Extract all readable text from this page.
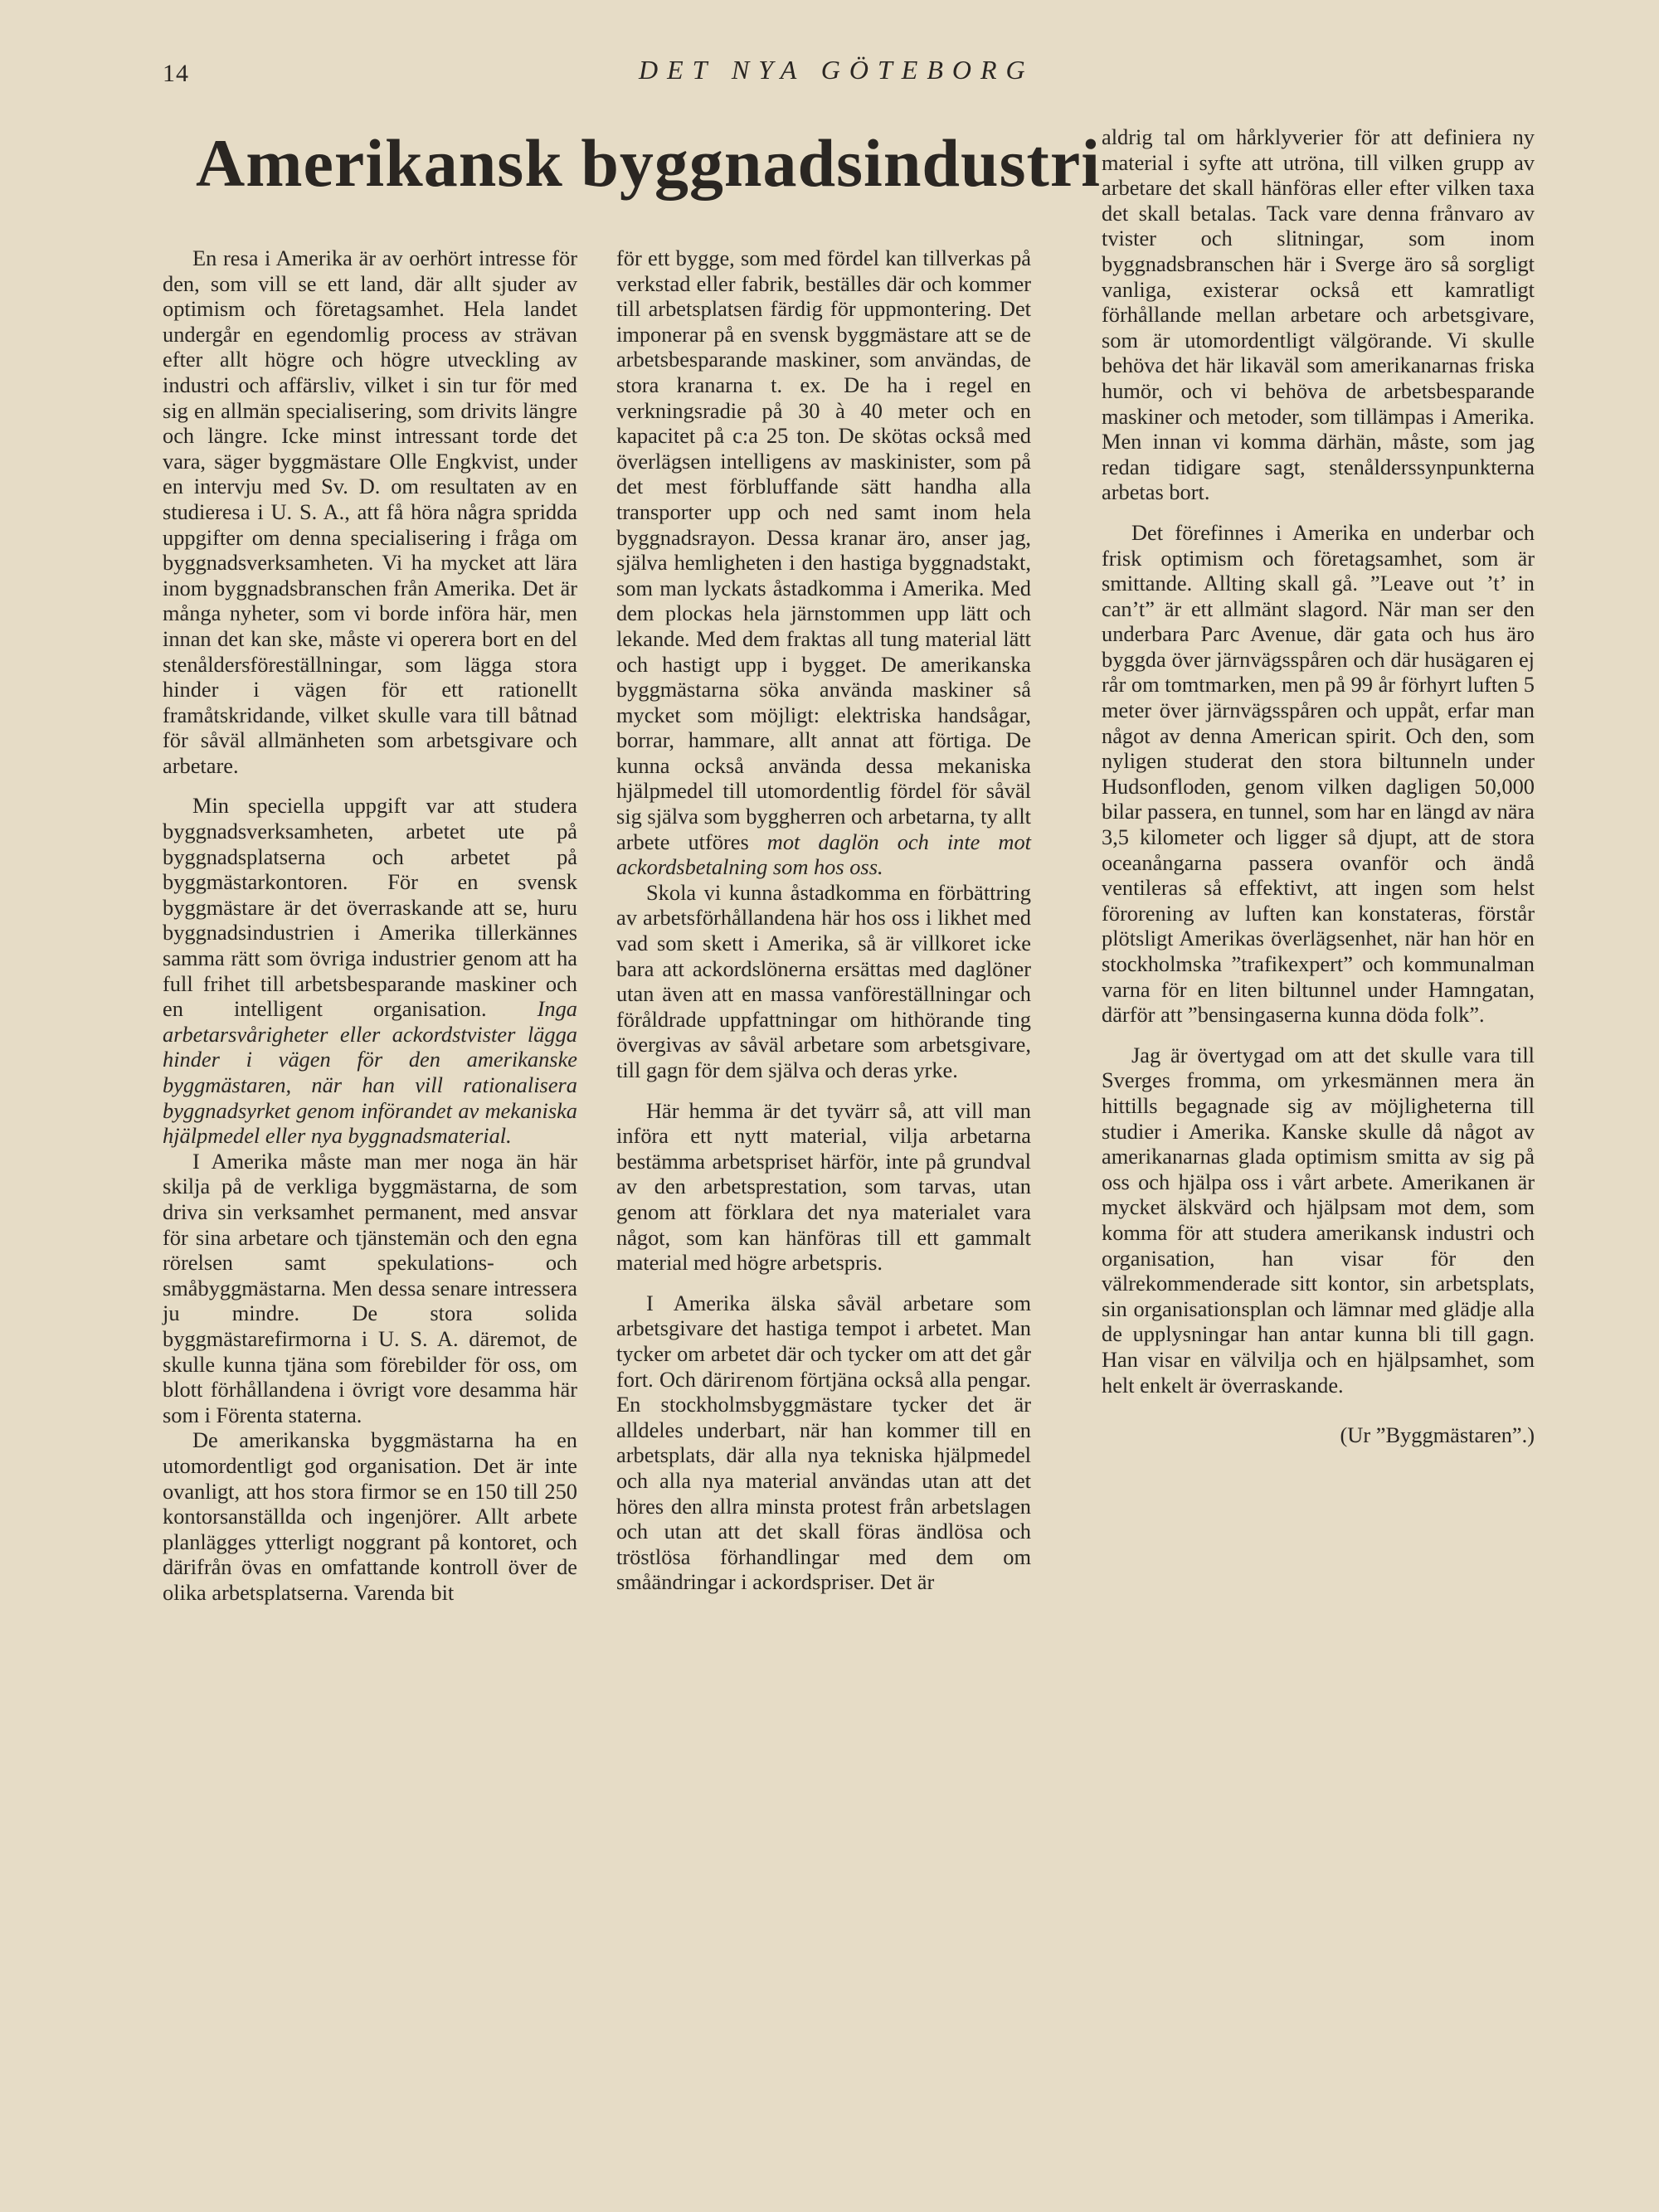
14	DET NYA GÖTEBORG
Amerikansk byggnadsindustri

En resa i Amerika är av oerhört intresse för den, som vill se ett land, där allt sjuder av optimism och företagsamhet. Hela landet undergår en egendomlig process av strävan efter allt högre och högre utveckling av industri och affärsliv, vilket i sin tur för med sig en allmän specialisering, som drivits längre och längre. Icke minst intressant torde det vara, säger byggmästare Olle Engkvist, under en intervju med Sv. D. om resultaten av en studieresa i U. S. A., att få höra några spridda uppgifter om denna specialisering i fråga om byggnadsverksamheten. Vi ha mycket att lära inom byggnadsbranschen från Amerika. Det är många nyheter, som vi borde införa här, men innan det kan ske, måste vi operera bort en del stenåldersföreställningar, som lägga stora hinder i vägen för ett rationellt framåtskridande, vilket skulle vara till båtnad för såväl allmänheten som arbetsgivare och arbetare.

Min speciella uppgift var att studera byggnadsverksamheten, arbetet ute på byggnadsplatserna och arbetet på byggmästarkontoren. För en svensk byggmästare är det överraskande att se, huru byggnadsindustrien i Amerika tillerkännes samma rätt som övriga industrier genom att ha full frihet till arbetsbesparande maskiner och en intelligent organisation. Inga arbetarsvårigheter eller ackordstvister lägga hinder i vägen för den amerikanske byggmästaren, när han vill rationalisera byggnadsyrket genom införandet av mekaniska hjälpmedel eller nya byggnadsmaterial.

I Amerika måste man mer noga än här skilja på de verkliga byggmästarna, de som driva sin verksamhet permanent, med ansvar för sina arbetare och tjänstemän och den egna rörelsen samt spekulations- och småbyggmästarna. Men dessa senare intressera ju mindre. De stora solida byggmästarefirmorna i U. S. A. däremot, de skulle kunna tjäna som förebilder för oss, om blott förhållandena i övrigt vore desamma här som i Förenta staterna.

De amerikanska byggmästarna ha en utomordentligt god organisation. Det är inte ovanligt, att hos stora firmor se en 150 till 250 kontorsanställda och ingenjörer. Allt arbete planlägges ytterligt noggrant på kontoret, och därifrån övas en omfattande kontroll över de olika arbetsplatserna. Varenda bit

för ett bygge, som med fördel kan tillverkas på verkstad eller fabrik, beställes där och kommer till arbetsplatsen färdig för uppmontering. Det imponerar på en svensk byggmästare att se de arbetsbesparande maskiner, som användas, de stora kranarna t. ex. De ha i regel en verkningsradie på 30 à 40 meter och en kapacitet på c:a 25 ton. De skötas också med överlägsen intelligens av maskinister, som på det mest förbluffande sätt handha alla transporter upp och ned samt inom hela byggnadsrayon. Dessa kranar äro, anser jag, själva hemligheten i den hastiga byggnadstakt, som man lyckats åstadkomma i Amerika. Med dem plockas hela järnstommen upp lätt och lekande. Med dem fraktas all tung material lätt och hastigt upp i bygget. De amerikanska byggmästarna söka använda maskiner så mycket som möjligt: elektriska handsågar, borrar, hammare, allt annat att förtiga. De kunna också använda dessa mekaniska hjälpmedel till utomordentlig fördel för såväl sig själva som byggherren och arbetarna, ty allt arbete utföres mot daglön och inte mot ackordsbetalning som hos oss.

Skola vi kunna åstadkomma en förbättring av arbetsförhållandena här hos oss i likhet med vad som skett i Amerika, så är villkoret icke bara att ackordslönerna ersättas med daglöner utan även att en massa vanföreställningar och föråldrade uppfattningar om hithörande ting övergivas av såväl arbetare som arbetsgivare, till gagn för dem själva och deras yrke.

Här hemma är det tyvärr så, att vill man införa ett nytt material, vilja arbetarna bestämma arbetspriset härför, inte på grundval av den arbetsprestation, som tarvas, utan genom att förklara det nya materialet vara något, som kan hänföras till ett gammalt material med högre arbetspris.

I Amerika älska såväl arbetare som arbetsgivare det hastiga tempot i arbetet. Man tycker om arbetet där och tycker om att det går fort. Och däriгenom förtjäna också alla pengar. En stockholmsbyggmästare tycker det är alldeles underbart, när han kommer till en arbetsplats, där alla nya tekniska hjälpmedel och alla nya material användas utan att det höres den allra minsta protest från arbetslagen och utan att det skall föras ändlösa och tröstlösa förhandlingar med dem om småändringar i ackordspriser. Det är

aldrig tal om hårklyverier för att definiera ny material i syfte att utröna, till vilken grupp av arbetare det skall hänföras eller efter vilken taxa det skall betalas. Tack vare denna frånvaro av tvister och slitningar, som inom byggnadsbranschen här i Sverge äro så sorgligt vanliga, existerar också ett kamratligt förhållande mellan arbetare och arbetsgivare, som är utomordentligt välgörande. Vi skulle behöva det här likaväl som amerikanarnas friska humör, och vi behöva de arbetsbesparande maskiner och metoder, som tillämpas i Amerika. Men innan vi komma därhän, måste, som jag redan tidigare sagt, stenålderssynpunkterna arbetas bort.

Det förefinnes i Amerika en underbar och frisk optimism och företagsamhet, som är smittande. Allting skall gå. ”Leave out ’t’ in can’t” är ett allmänt slagord. När man ser den underbara Parc Avenue, där gata och hus äro byggda över järnvägsspåren och där husägaren ej rår om tomtmarken, men på 99 år förhyrt luften 5 meter över järnvägsspåren och uppåt, erfar man något av denna American spirit. Och den, som nyligen studerat den stora biltunneln under Hudsonfloden, genom vilken dagligen 50,000 bilar passera, en tunnel, som har en längd av nära 3,5 kilometer och ligger så djupt, att de stora oceanångarna passera ovanför och ändå ventileras så effektivt, att ingen som helst förorening av luften kan konstateras, förstår plötsligt Amerikas överlägsenhet, när han hör en stockholmska ”trafikexpert” och kommunalman varna för en liten biltunnel under Hamngatan, därför att ”bensingaserna kunna döda folk”.

Jag är övertygad om att det skulle vara till Sverges fromma, om yrkesmännen mera än hittills begagnade sig av möjligheterna till studier i Amerika. Kanske skulle då något av amerikanarnas glada optimism smitta av sig på oss och hjälpa oss i vårt arbete. Amerikanen är mycket älskvärd och hjälpsam mot dem, som komma för att studera amerikansk industri och organisation, han visar för den välrekommenderade sitt kontor, sin arbetsplats, sin organisationsplan och lämnar med glädje alla de upplysningar han antar kunna bli till gagn. Han visar en välvilja och en hjälpsamhet, som helt enkelt är överraskande.

(Ur ”Byggmästaren”.)
